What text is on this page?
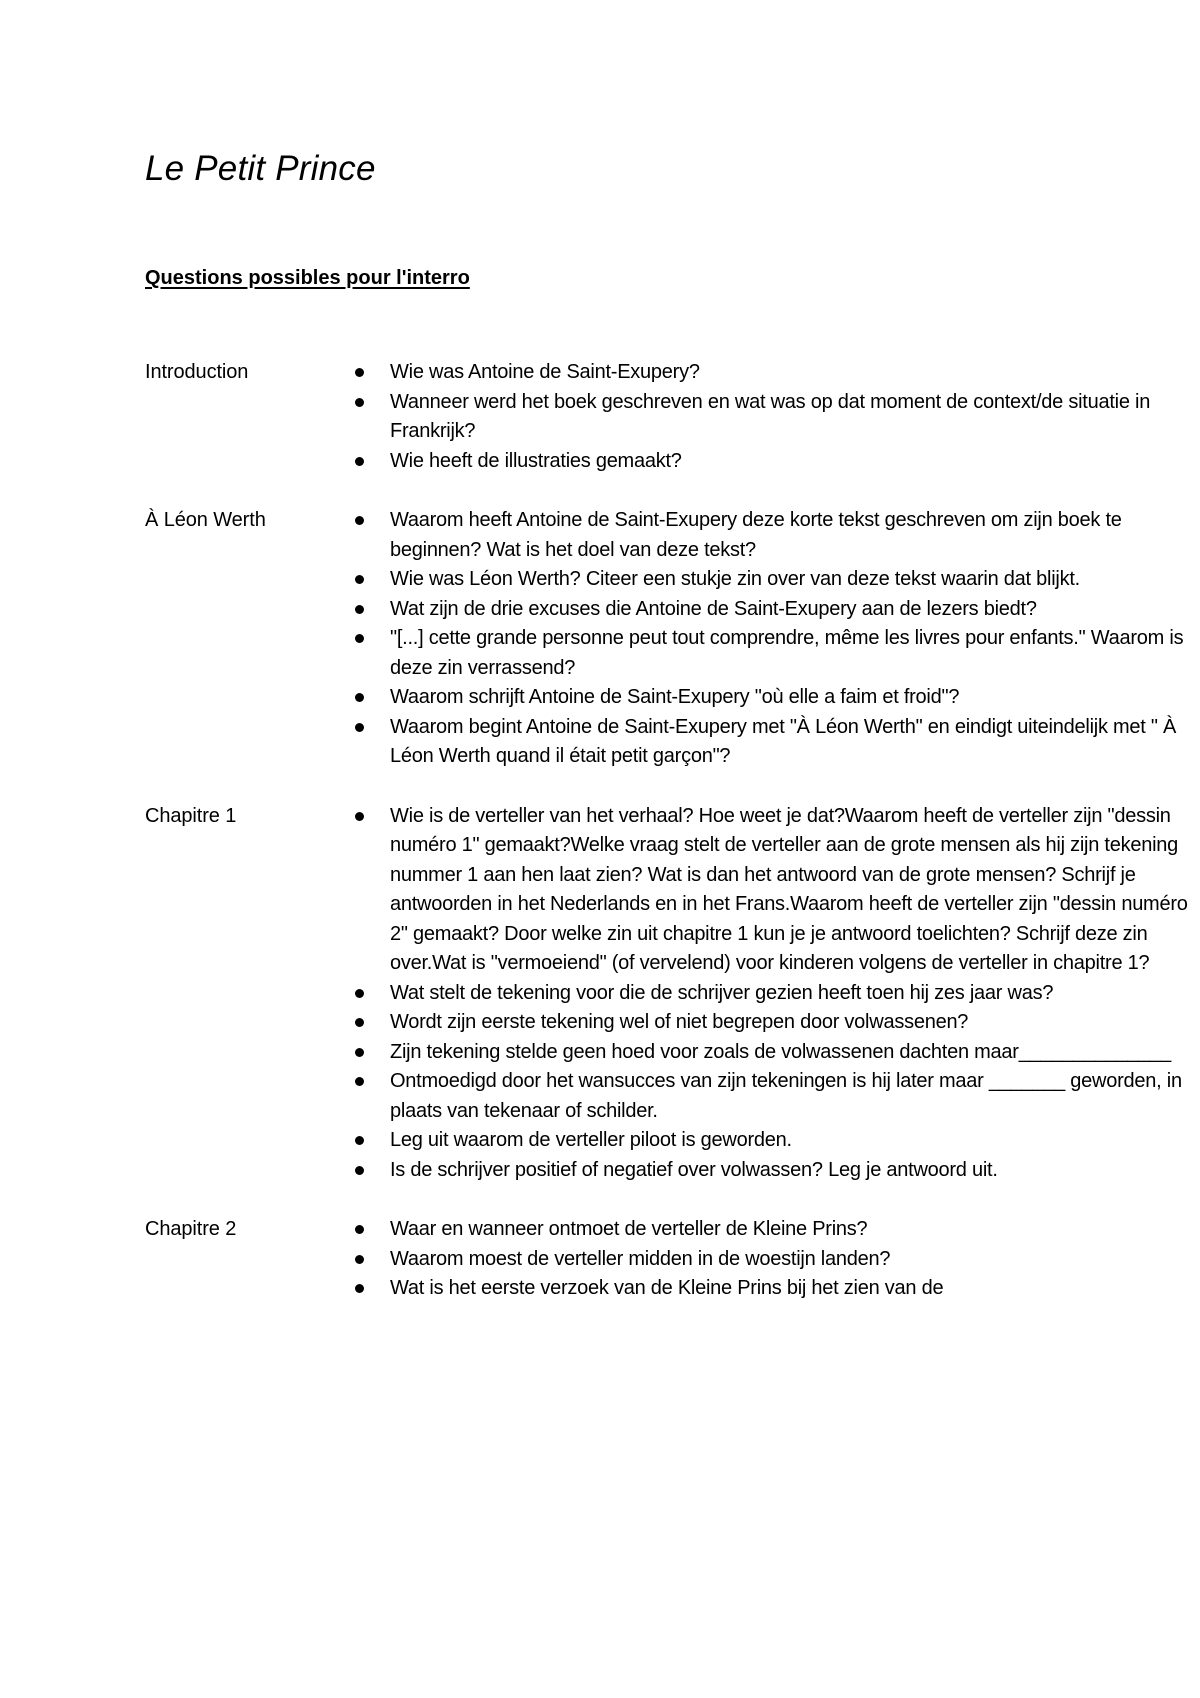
Le Petit Prince
Questions possibles pour l'interro
Introduction	Wie was Antoine de Saint-Exupery?
Wanneer werd het boek geschreven en wat was op dat moment de context/de situatie in Frankrijk?
Wie heeft de illustraties gemaakt?
À Léon Werth	Waarom heeft Antoine de Saint-Exupery deze korte tekst geschreven om zijn boek te beginnen? Wat is het doel van deze tekst?
Wie was Léon Werth? Citeer een stukje zin over van deze tekst waarin dat blijkt.
Wat zijn de drie excuses die Antoine de Saint-Exupery aan de lezers biedt?
"[...] cette grande personne peut tout comprendre, même les livres pour enfants." Waarom is deze zin verrassend?
Waarom schrijft Antoine de Saint-Exupery "où elle a faim et froid"?
Waarom begint Antoine de Saint-Exupery met "À Léon Werth" en eindigt uiteindelijk met " À Léon Werth quand il était petit garçon"?
Chapitre 1	Wie is de verteller van het verhaal? Hoe weet je dat?Waarom heeft de verteller zijn "dessin numéro 1" gemaakt?Welke vraag stelt de verteller aan de grote mensen als hij zijn tekening nummer 1 aan hen laat zien? Wat is dan het antwoord van de grote mensen? Schrijf je antwoorden in het Nederlands en in het Frans.Waarom heeft de verteller zijn "dessin numéro 2" gemaakt? Door welke zin uit chapitre 1 kun je je antwoord toelichten? Schrijf deze zin over.Wat is "vermoeiend" (of vervelend) voor kinderen volgens de verteller in chapitre 1?
Wat stelt de tekening voor die de schrijver gezien heeft toen hij zes jaar was?
Wordt zijn eerste tekening wel of niet begrepen door volwassenen?
Zijn tekening stelde geen hoed voor zoals de volwassenen dachten maar______________
Ontmoedigd door het wansucces van zijn tekeningen is hij later maar _______ geworden, in plaats van tekenaar of schilder.
Leg uit waarom de verteller piloot is geworden.
Is de schrijver positief of negatief over volwassen? Leg je antwoord uit.
Chapitre 2	Waar en wanneer ontmoet de verteller de Kleine Prins?
Waarom moest de verteller midden in de woestijn landen?
Wat is het eerste verzoek van de Kleine Prins bij het zien van de
